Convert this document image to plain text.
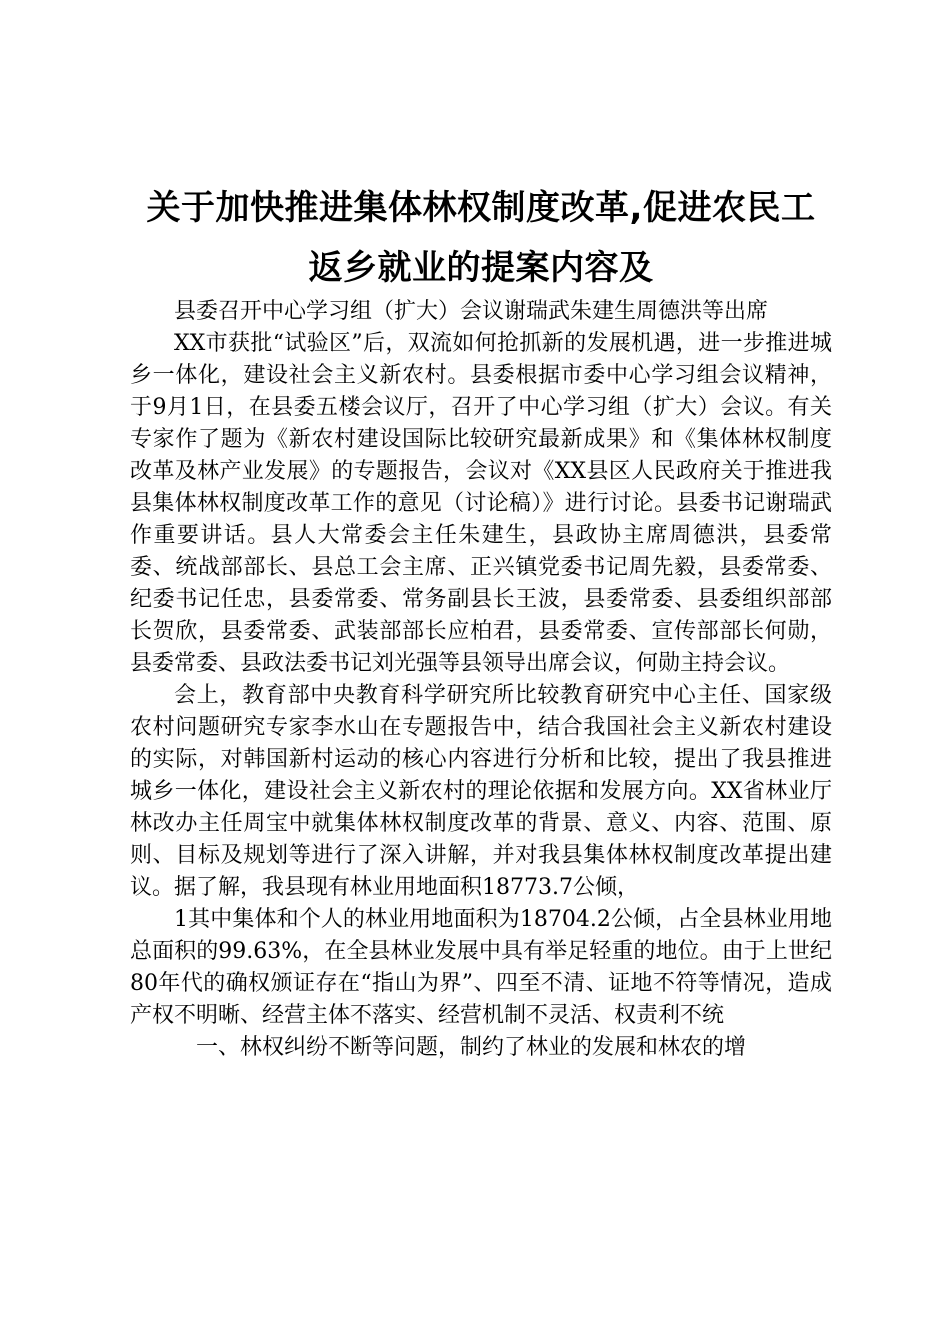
关于加快推进集体林权制度改革,促进农民工
返乡就业的提案内容及

县委召开中心学习组（扩大）会议谢瑞武朱建生周德洪等出席

XX市获批“试验区”后，双流如何抢抓新的发展机遇，进一步推进城乡一体化，建设社会主义新农村。县委根据市委中心学习组会议精神，于9月1日，在县委五楼会议厅，召开了中心学习组（扩大）会议。有关专家作了题为《新农村建设国际比较研究最新成果》和《集体林权制度改革及林产业发展》的专题报告，会议对《XX县区人民政府关于推进我县集体林权制度改革工作的意见（讨论稿）》进行讨论。县委书记谢瑞武作重要讲话。县人大常委会主任朱建生，县政协主席周德洪，县委常委、统战部部长、县总工会主席、正兴镇党委书记周先毅，县委常委、纪委书记任忠，县委常委、常务副县长王波，县委常委、县委组织部部长贺欣，县委常委、武装部部长应柏君，县委常委、宣传部部长何勋，县委常委、县政法委书记刘光强等县领导出席会议，何勋主持会议。

会上，教育部中央教育科学研究所比较教育研究中心主任、国家级农村问题研究专家李水山在专题报告中，结合我国社会主义新农村建设的实际，对韩国新村运动的核心内容进行分析和比较，提出了我县推进城乡一体化，建设社会主义新农村的理论依据和发展方向。XX省林业厅林改办主任周宝中就集体林权制度改革的背景、意义、内容、范围、原则、目标及规划等进行了深入讲解，并对我县集体林权制度改革提出建议。据了解，我县现有林业用地面积18773.7公倾，

1其中集体和个人的林业用地面积为18704.2公倾，占全县林业用地总面积的99.63%，在全县林业发展中具有举足轻重的地位。由于上世纪80年代的确权颁证存在“指山为界”、四至不清、证地不符等情况，造成产权不明晰、经营主体不落实、经营机制不灵活、权责利不统

一、林权纠纷不断等问题，制约了林业的发展和林农的增
